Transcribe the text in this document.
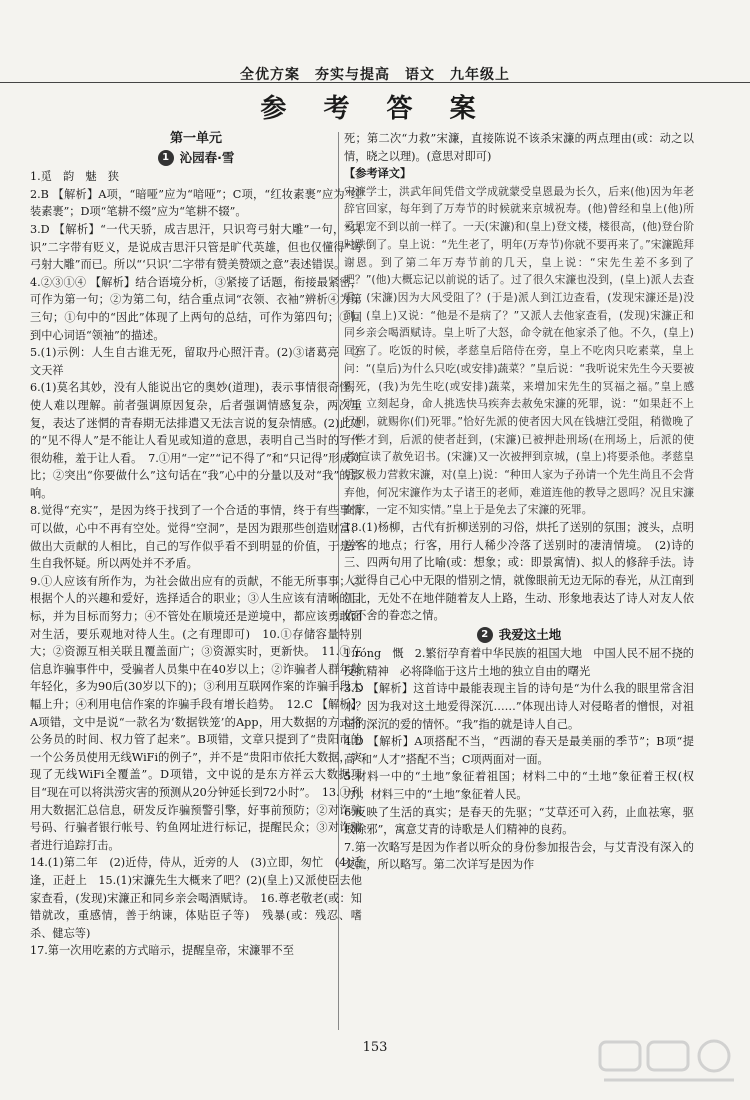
全优方案　夯实与提高　语文　九年级上
参 考 答 案
第一单元
1 沁园春·雪

1.觅　韵　魅　狭

2.B 【解析】A项，“暗哑”应为“喑哑”；C项，“红妆素裹”应为“红装素裹”；D项“笔耕不缀”应为“笔耕不辍”。

3.D 【解析】“一代天骄，成吉思汗，只识弯弓射大雕”一句，“只识”二字带有贬义，是说成吉思汗只管是旷代英雄，但也仅懂得“弯弓射大雕”而已。所以“‘只识’二字带有赞美赞颂之意”表述错误。

4.②③①④ 【解析】结合语境分析，③紧接了话题，衔接最紧密，可作为第一句；②为第二句，结合重点词“衣领、衣袖”辨析④为第三句；①句中的“因此”体现了上两句的总结，可作为第四句；①回到中心词语“领袖”的描述。

5.(1)示例：人生自古谁无死，留取丹心照汗青。(2)③诸葛亮　②文天祥

6.(1)莫名其妙，没有人能说出它的奥妙(道理)，表示事情很奇怪，使人难以理解。前者强调原因复杂，后者强调情感复杂，两次重复，表达了迷惘的青春期无法排遣又无法言说的复杂情感。(2)此处的“见不得人”是不能让人看见或知道的意思，表明自己当时的写作很幼稚，羞于让人看。　7.①用“一定”“记不得了”和“只记得”形成对比；②突出“你要做什么”这句话在“我”心中的分量以及对“我”的影响。

8.觉得“充实”，是因为终于找到了一个合适的事情，终于有些事情可以做，心中不再有空处。觉得“空洞”，是因为跟那些创造财富、做出大贡献的人相比，自己的写作似乎看不到明显的价值，于是产生自我怀疑。所以两处并不矛盾。

9.①人应该有所作为，为社会做出应有的贡献，不能无所事事；②根据个人的兴趣和爱好，选择适合的职业；③人生应该有清晰的目标，并为目标而努力；④不管处在顺境还是逆境中，都应该勇敢面对生活，要乐观地对待人生。(之有理即可)　10.①存储容量特别大；②资源互相关联且覆盖面广；③资源实时，更新快。　11.①在信息诈骗事件中，受骗者人员集中在40岁以上；②诈骗者人群年龄年轻化，多为90后(30岁以下的)；③利用互联网作案的诈骗手段大幅上升；④利用电信作案的诈骗手段有增长趋势。　12.C 【解析】A项错，文中是说“一款名为‘数据铁笼’的App，用大数据的方式将公务员的时间、权力管了起来”。B项错，文章只提到了“贵阳市的一个公务员使用无线WiFi的例子”，并不是“贵阳市依托大数据，实现了无线WiFi全覆盖”。D项错，文中说的是东方祥云大数据项目“现在可以将洪涝灾害的预测从20分钟延长到72小时”。　13.①利用大数据汇总信息，研发反诈骗预警引擎，好事前预防；②对诈骗号码、行骗者银行帐号、钓鱼网址进行标记，提醒民众；③对诈骗者进行追踪打击。

14.(1)第二年　(2)近侍，侍从，近旁的人　(3)立即，匆忙　(4)适逢，正赶上　15.(1)宋濂先生大概来了吧？(2)(皇上)又派使臣去他家查看，(发现)宋濂正和同乡亲会喝酒赋诗。　16.尊老敬老(或：知错就改，重感情，善于纳谏，体贴臣子等)　残暴(或：残忍、嗜杀、健忘等)

17.第一次用吃素的方式暗示，提醒皇帝，宋濂罪不至

死；第二次“力救”宋濂，直接陈说不该杀宋濂的两点理由(或：动之以情，晓之以理)。(意思对即可)

【参考译文】

宋濂学士，洪武年间凭借文学成就蒙受皇恩最为长久，后来(他)因为年老辞官回家，每年到了万寿节的时候就来京城祝寿。(他)曾经和皇上(他)所爱恩宠不到以前一样了。一天(宋濂)和(皇上)登文楼，楼很高，(他)登台阶时跌倒了。皇上说：“先生老了，明年(万寿节)你就不要再来了。”宋濂跪拜谢恩。到了第二年万寿节前的几天，皇上说：“宋先生差不多到了吧？”(他)大概忘记以前说的话了。过了很久宋濂也没到，(皇上)派人去查看，(宋濂)因为大风受阻了？(于是)派人到江边查看，(发现宋濂还是)没到。(皇上)又说：“他是不是病了？”又派人去他家查看，(发现)宋濂正和同乡亲会喝酒赋诗。皇上听了大怒，命令就在他家杀了他。不久，(皇上)回宫了。吃饭的时候，孝慈皇后陪侍在旁，皇上不吃肉只吃素菜，皇上问：“(皇后)为什么只吃(或安排)蔬菜？”皇后说：“我听说宋先生今天要被赐死，(我)为先生吃(或安排)蔬菜，来增加宋先生的冥福之福。”皇上感动，立刻起身，命人挑选快马疾奔去赦免宋濂的死罪，说：“如果赶不上行刑，就赐你(们)死罪。”恰好先派的使者因大风在钱塘江受阻，稍微晚了一些才到，后派的使者赶到，(宋濂)已被押赴刑场(在刑场上，后派的使者)宣读了赦免诏书。(宋濂)又一次被押到京城，(皇上)将要杀他。孝慈皇后又极力营救宋濂，对(皇上)说：“种田人家为子孙请一个先生尚且不会背弃他，何况宋濂作为太子诸王的老师，难道连他的教导之恩吗？况且宋濂在家，一定不知实情。”皇上于是免去了宋濂的死罪。

18.(1)杨柳，古代有折柳送别的习俗，烘托了送别的氛围；渡头，点明送客的地点；行客，用行人稀少冷落了送别时的凄清情境。　(2)诗的三、四两句用了比喻(或：想象；或：即景寓情)、拟人的修辞手法。诗人觉得自己心中无限的惜别之情，就像眼前无边无际的春光，从江南到江北，无处不在地伴随着友人上路，生动、形象地表达了诗人对友人依依不舍的眷恋之情。

2 我爱这土地

1.róng　慨　2.繁衍孕育着中华民族的祖国大地　中国人民不屈不挠的反抗精神　必将降临于这片土地的独立自由的曙光

3.D 【解析】这首诗中最能表现主旨的诗句是“为什么我的眼里常含泪水？因为我对这土地爱得深沉……”体现出诗人对侵略者的憎恨，对祖国的深沉的爱的情怀。“我”指的就是诗人自己。

4.D 【解析】A项搭配不当，“西湖的春天是最美丽的季节”；B项“提高”和“人才”搭配不当；C项两面对一面。

5.材料一中的“土地”象征着祖国；材料二中的“土地”象征着王权(权力)；材料三中的“土地”象征着人民。

6.反映了生活的真实；是春天的先驱；“艾草还可入药，止血祛寒，驱蚊除邪”，寓意艾青的诗歌是人们精神的良药。

7.第一次略写是因为作者以听众的身份参加报告会，与艾青没有深入的交流，所以略写。第二次详写是因为作

153
